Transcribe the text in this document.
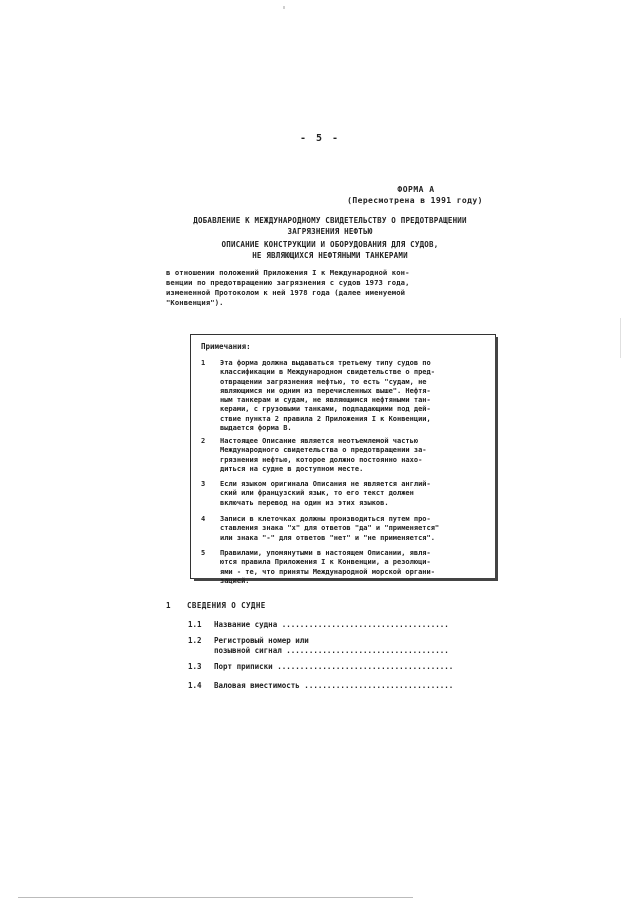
- 5 -
ФОРМА А
(Пересмотрена в 1991 году)
ДОБАВЛЕНИЕ К МЕЖДУНАРОДНОМУ СВИДЕТЕЛЬСТВУ О ПРЕДОТВРАЩЕНИИ
ЗАГРЯЗНЕНИЯ НЕФТЬЮ
ОПИСАНИЕ КОНСТРУКЦИИ И ОБОРУДОВАНИЯ ДЛЯ СУДОВ,
НЕ ЯВЛЯЮЩИХСЯ НЕФТЯНЫМИ ТАНКЕРАМИ
в отношении положений Приложения I к Международной кон-
венции по предотвращению загрязнения с судов 1973 года,
измененной Протоколом к ней 1978 года (далее именуемой
"Конвенция").
Примечания:
1	Эта форма должна выдаваться третьему типу судов по
классификации в Международном свидетельстве о пред-
отвращении загрязнения нефтью, то есть "судам, не
являющимся ни одним из перечисленных выше". Нефтя-
ным танкерам и судам, не являющимся нефтяными тан-
керами, с грузовыми танками, подпадающими под дей-
ствие пункта 2 правила 2 Приложения I к Конвенции,
выдается форма B.
2	Настоящее Описание является неотъемлемой частью
Международного свидетельства о предотвращении за-
грязнения нефтью, которое должно постоянно нахо-
диться на судне в доступном месте.
3	Если языком оригинала Описания не является англий-
ский или французский язык, то его текст должен
включать перевод на один из этих языков.
4	Записи в клеточках должны производиться путем про-
ставления знака "x" для ответов "да" и "применяется"
или знака "-" для ответов "нет" и "не применяется".
5	Правилами, упомянутыми в настоящем Описании, явля-
ются правила Приложения I к Конвенции, а резолюци-
ями - те, что приняты Международной морской органи-
зацией.
1 СВЕДЕНИЯ О СУДНЕ
1.1	Название судна .....................................
1.2	Регистровый номер или
позывной сигнал ....................................
1.3	Порт приписки .......................................
1.4	Валовая вместимость .................................
